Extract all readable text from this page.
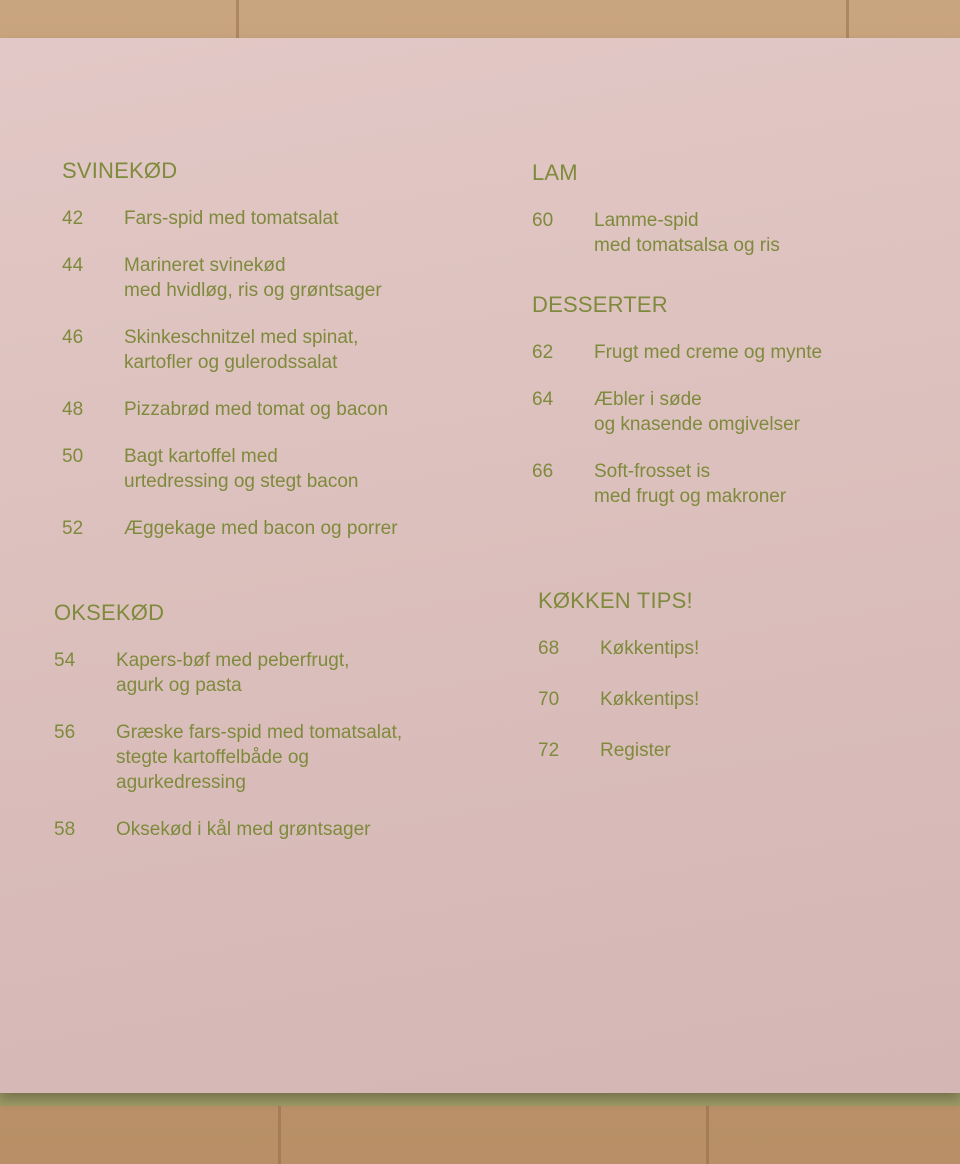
SVINEKØD
42 Fars-spid med tomatsalat
44 Marineret svinekød
med hvidløg, ris og grøntsager
46 Skinkeschnitzel med spinat,
kartofler og gulerodssalat
48 Pizzabrød med tomat og bacon
50 Bagt kartoffel med
urtedressing og stegt bacon
52 Æggekage med bacon og porrer
OKSEKØD
54 Kapers-bøf med peberfrugt,
agurk og pasta
56 Græske fars-spid med tomatsalat,
stegte kartoffelbåde og
agurkedressing
58 Oksekød i kål med grøntsager
LAM
60 Lamme-spid
med tomatsalsa og ris
DESSERTER
62 Frugt med creme og mynte
64 Æbler i søde
og knasende omgivelser
66 Soft-frosset is
med frugt og makroner
KØKKEN TIPS!
68 Køkkentips!
70 Køkkentips!
72 Register
